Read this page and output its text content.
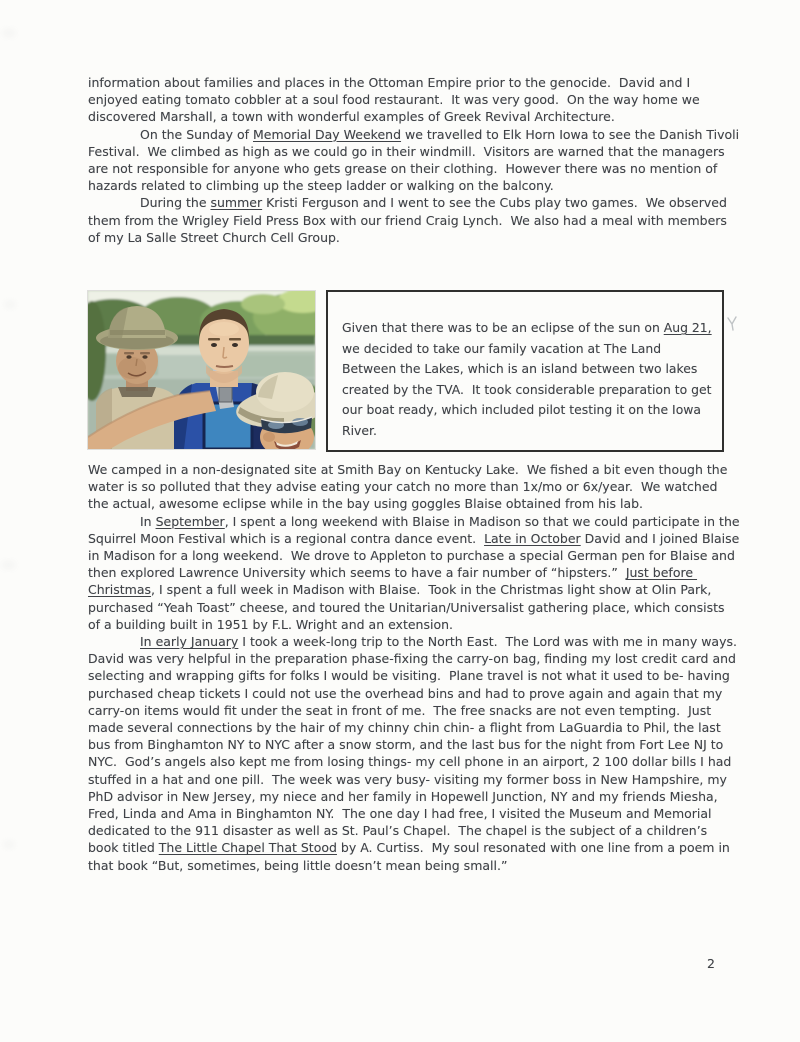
information about families and places in the Ottoman Empire prior to the genocide.  David and I enjoyed eating tomato cobbler at a soul food restaurant.  It was very good.  On the way home we discovered Marshall, a town with wonderful examples of Greek Revival Architecture.

On the Sunday of Memorial Day Weekend we travelled to Elk Horn Iowa to see the Danish Tivoli Festival.  We climbed as high as we could go in their windmill.  Visitors are warned that the managers are not responsible for anyone who gets grease on their clothing.  However there was no mention of hazards related to climbing up the steep ladder or walking on the balcony.

During the summer Kristi Ferguson and I went to see the Cubs play two games.  We observed them from the Wrigley Field Press Box with our friend Craig Lynch.  We also had a meal with members of my La Salle Street Church Cell Group.

Given that there was to be an eclipse of the sun on Aug 21, we decided to take our family vacation at The Land Between the Lakes, which is an island between two lakes created by the TVA.  It took considerable preparation to get our boat ready, which included pilot testing it on the Iowa River.

We camped in a non-designated site at Smith Bay on Kentucky Lake.  We fished a bit even though the water is so polluted that they advise eating your catch no more than 1x/mo or 6x/year.  We watched the actual, awesome eclipse while in the bay using goggles Blaise obtained from his lab.

In September, I spent a long weekend with Blaise in Madison so that we could participate in the Squirrel Moon Festival which is a regional contra dance event.  Late in October David and I joined Blaise in Madison for a long weekend.  We drove to Appleton to purchase a special German pen for Blaise and then explored Lawrence University which seems to have a fair number of “hipsters.”  Just before Christmas, I spent a full week in Madison with Blaise.  Took in the Christmas light show at Olin Park, purchased “Yeah Toast” cheese, and toured the Unitarian/Universalist gathering place, which consists of a building built in 1951 by F.L. Wright and an extension.

In early January I took a week-long trip to the North East.  The Lord was with me in many ways.  David was very helpful in the preparation phase-fixing the carry-on bag, finding my lost credit card and selecting and wrapping gifts for folks I would be visiting.  Plane travel is not what it used to be- having purchased cheap tickets I could not use the overhead bins and had to prove again and again that my carry-on items would fit under the seat in front of me.  The free snacks are not even tempting.  Just made several connections by the hair of my chinny chin chin- a flight from LaGuardia to Phil, the last bus from Binghamton NY to NYC after a snow storm, and the last bus for the night from Fort Lee NJ to NYC.  God’s angels also kept me from losing things- my cell phone in an airport, 2 100 dollar bills I had stuffed in a hat and one pill.  The week was very busy- visiting my former boss in New Hampshire, my PhD advisor in New Jersey, my niece and her family in Hopewell Junction, NY and my friends Miesha, Fred, Linda and Ama in Binghamton NY.  The one day I had free, I visited the Museum and Memorial dedicated to the 911 disaster as well as St. Paul’s Chapel.  The chapel is the subject of a children’s book titled The Little Chapel That Stood by A. Curtiss.  My soul resonated with one line from a poem in that book “But, sometimes, being little doesn’t mean being small.”

2
